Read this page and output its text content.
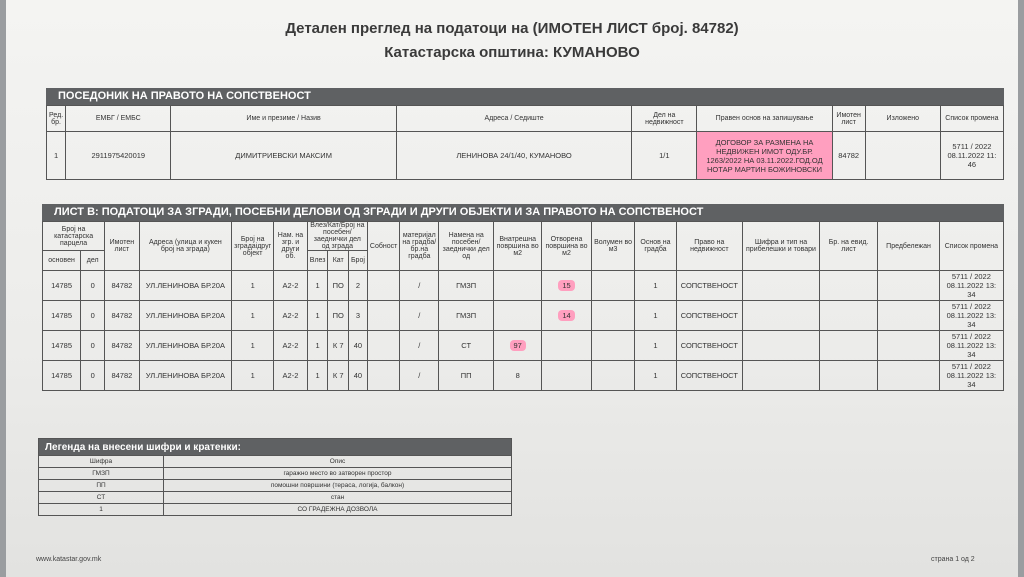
Детален преглед на податоци на (ИМОТЕН ЛИСТ број. 84782)
Катастарска општина: КУМАНОВО
ПОСЕДОНИК НА ПРАВОТО НА СОПСТВЕНОСТ
Ред. бр.	ЕМБГ / ЕМБС	Име и презиме / Назив	Адреса / Седиште	Дел на недвижност	Правен основ на запишување	Имотен лист	Изложено	Список промена
1	2911975420019	ДИМИТРИЕВСКИ МАКСИМ	ЛЕНИНОВА 24/1/40, КУМАНОВО	1/1	ДОГОВОР ЗА РАЗМЕНА НА НЕДВИЖЕН ИМОТ ОДУ.БР. 1263/2022 НА 03.11.2022.ГОД.ОД НОТАР МАРТИН БОЖИНОВСКИ	84782		5711 / 2022 08.11.2022 11: 46
ЛИСТ В: ПОДАТОЦИ ЗА ЗГРАДИ, ПОСЕБНИ ДЕЛОВИ ОД ЗГРАДИ И ДРУГИ ОБЈЕКТИ И ЗА ПРАВОТО НА СОПСТВЕНОСТ
Број на катастарска парцела		Имотен лист	Адреса (улица и кукен број на зграда)	Број на зградаідруг објект	Нам. на згр. и други об.	Влез/Кат/Број на посебен/заеднички дел од зграда			Собност	материјал на градба/бр.на градба	Намена на посебен/ заеднички дел од	Внатрешна површина во м2	Отворена површина во м2	Волумен во м3	Основ на градба	Право на недвижност	Шифра и тип на прибелешки и товари	Бр. на евид. лист	Предбележан	Список промена
основен	дел					Влез	Кат	Број												
14785	0	84782	УЛ.ЛЕНИНОВА БР.20А	1	А2-2	1	ПО	2		/	ГМЗП		15		1	СОПСТВЕНОСТ				5711 / 2022 08.11.2022 13: 34
14785	0	84782	УЛ.ЛЕНИНОВА БР.20А	1	А2-2	1	ПО	3		/	ГМЗП		14		1	СОПСТВЕНОСТ				5711 / 2022 08.11.2022 13: 34
14785	0	84782	УЛ.ЛЕНИНОВА БР.20А	1	А2-2	1	К 7	40		/	СТ	97			1	СОПСТВЕНОСТ				5711 / 2022 08.11.2022 13: 34
14785	0	84782	УЛ.ЛЕНИНОВА БР.20А	1	А2-2	1	К 7	40		/	ПП	8			1	СОПСТВЕНОСТ				5711 / 2022 08.11.2022 13: 34
Легенда на внесени шифри и кратенки:	
Шифра	Опис
ГМЗП	гаражно место во затворен простор
ПП	помошни површини (тераса, логија, балкон)
СТ	стан
1	СО ГРАДЕЖНА ДОЗВОЛА
www.katastar.gov.mk	страна 1 од 2
